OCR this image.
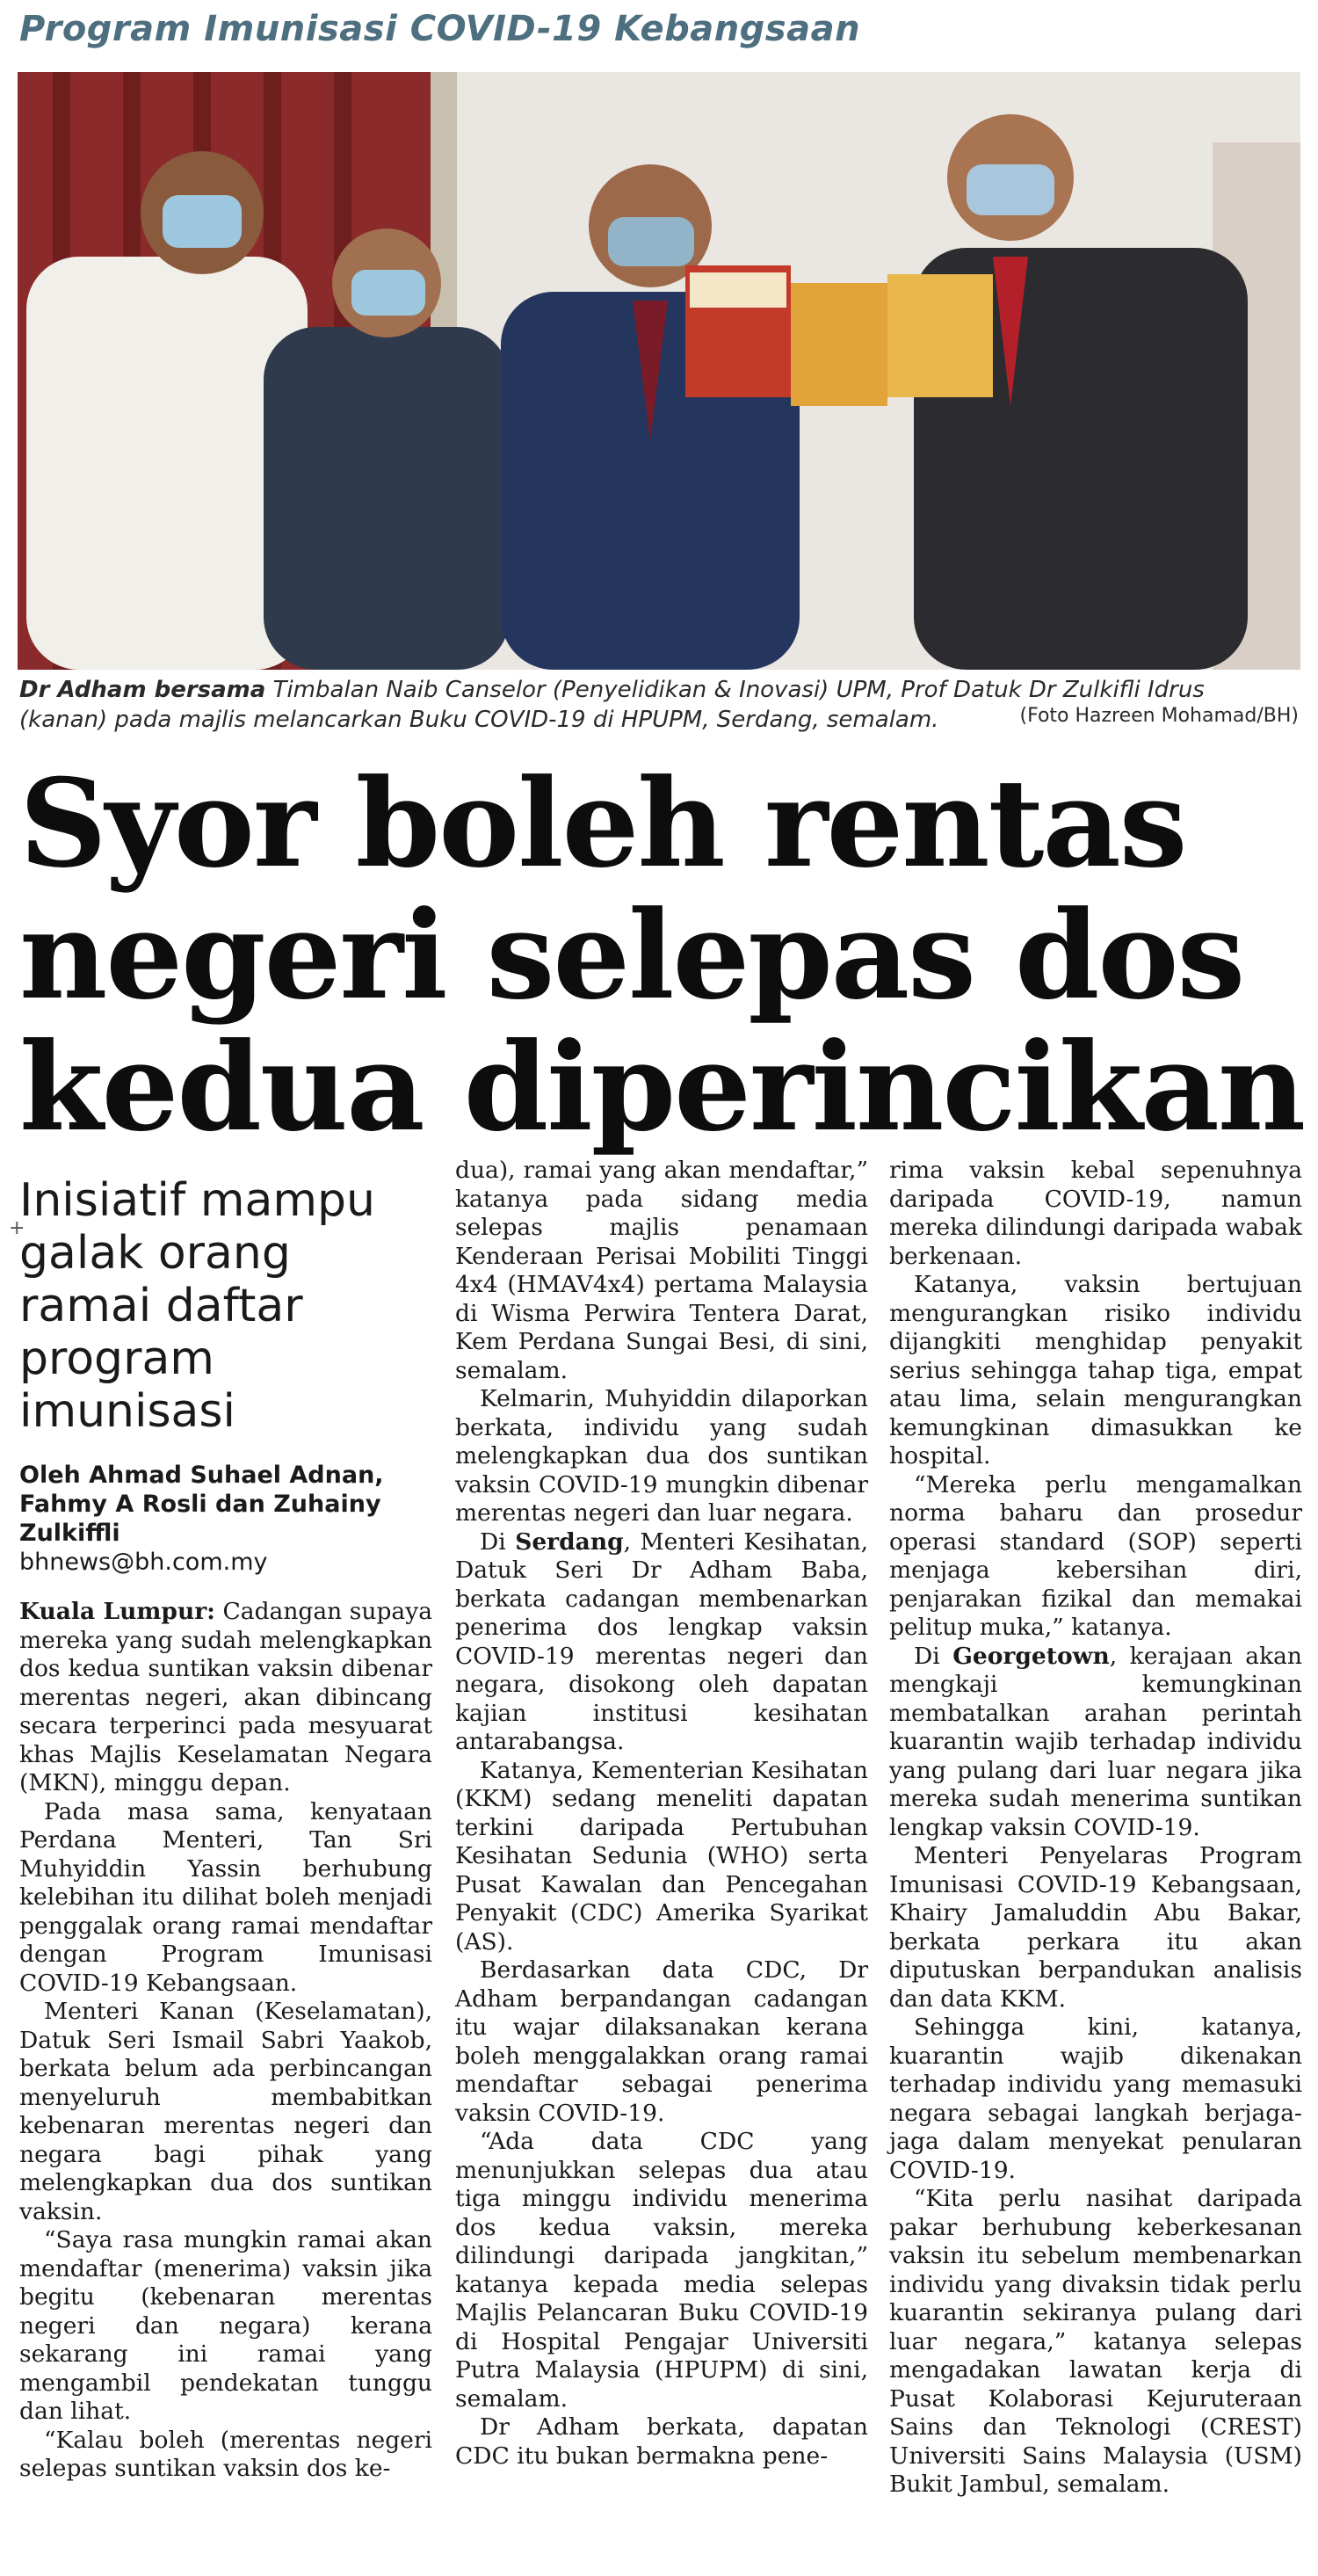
Program Imunisasi COVID-19 Kebangsaan
Dr Adham bersama Timbalan Naib Canselor (Penyelidikan & Inovasi) UPM, Prof Datuk Dr Zulkifli Idrus (kanan) pada majlis melancarkan Buku COVID-19 di HPUPM, Serdang, semalam.	(Foto Hazreen Mohamad/BH)
Syor boleh rentas
negeri selepas dos
kedua diperincikan
+
Inisiatif mampu galak orang ramai daftar program imunisasi
Oleh Ahmad Suhael Adnan, Fahmy A Rosli dan Zuhainy Zulkiffli
bhnews@bh.com.my

Kuala Lumpur: Cadangan supaya mereka yang sudah melengkapkan dos kedua suntikan vaksin dibenar merentas negeri, akan dibincang secara terperinci pada mesyuarat khas Majlis Keselamatan Negara (MKN), minggu depan.

Pada masa sama, kenyataan Perdana Menteri, Tan Sri Muhyiddin Yassin berhubung kelebihan itu dilihat boleh menjadi penggalak orang ramai mendaftar dengan Program Imunisasi COVID-19 Kebangsaan.

Menteri Kanan (Keselamatan), Datuk Seri Ismail Sabri Yaakob, berkata belum ada perbincangan menyeluruh membabitkan kebenaran merentas negeri dan negara bagi pihak yang melengkapkan dua dos suntikan vaksin.

“Saya rasa mungkin ramai akan mendaftar (menerima) vaksin jika begitu (kebenaran merentas negeri dan negara) kerana sekarang ini ramai yang mengambil pendekatan tunggu dan lihat.

“Kalau boleh (merentas negeri selepas suntikan vaksin dos ke-

dua), ramai yang akan mendaftar,” katanya pada sidang media selepas majlis penamaan Kenderaan Perisai Mobiliti Tinggi 4x4 (HMAV4x4) pertama Malaysia di Wisma Perwira Tentera Darat, Kem Perdana Sungai Besi, di sini, semalam.

Kelmarin, Muhyiddin dilaporkan berkata, individu yang sudah melengkapkan dua dos suntikan vaksin COVID-19 mungkin dibenar merentas negeri dan luar negara.

Di Serdang, Menteri Kesihatan, Datuk Seri Dr Adham Baba, berkata cadangan membenarkan penerima dos lengkap vaksin COVID-19 merentas negeri dan negara, disokong oleh dapatan kajian institusi kesihatan antarabangsa.

Katanya, Kementerian Kesihatan (KKM) sedang meneliti dapatan terkini daripada Pertubuhan Kesihatan Sedunia (WHO) serta Pusat Kawalan dan Pencegahan Penyakit (CDC) Amerika Syarikat (AS).

Berdasarkan data CDC, Dr Adham berpandangan cadangan itu wajar dilaksanakan kerana boleh menggalakkan orang ramai mendaftar sebagai penerima vaksin COVID-19.

“Ada data CDC yang menunjukkan selepas dua atau tiga minggu individu menerima dos kedua vaksin, mereka dilindungi daripada jangkitan,” katanya kepada media selepas Majlis Pelancaran Buku COVID-19 di Hospital Pengajar Universiti Putra Malaysia (HPUPM) di sini, semalam.

Dr Adham berkata, dapatan CDC itu bukan bermakna pene-

rima vaksin kebal sepenuhnya daripada COVID-19, namun mereka dilindungi daripada wabak berkenaan.

Katanya, vaksin bertujuan mengurangkan risiko individu dijangkiti menghidap penyakit serius sehingga tahap tiga, empat atau lima, selain mengurangkan kemungkinan dimasukkan ke hospital.

“Mereka perlu mengamalkan norma baharu dan prosedur operasi standard (SOP) seperti menjaga kebersihan diri, penjarakan fizikal dan memakai pelitup muka,” katanya.

Di Georgetown, kerajaan akan mengkaji kemungkinan membatalkan arahan perintah kuarantin wajib terhadap individu yang pulang dari luar negara jika mereka sudah menerima suntikan lengkap vaksin COVID-19.

Menteri Penyelaras Program Imunisasi COVID-19 Kebangsaan, Khairy Jamaluddin Abu Bakar, berkata perkara itu akan diputuskan berpandukan analisis dan data KKM.

Sehingga kini, katanya, kuarantin wajib dikenakan terhadap individu yang memasuki negara sebagai langkah berjaga-jaga dalam menyekat penularan COVID-19.

“Kita perlu nasihat daripada pakar berhubung keberkesanan vaksin itu sebelum membenarkan individu yang divaksin tidak perlu kuarantin sekiranya pulang dari luar negara,” katanya selepas mengadakan lawatan kerja di Pusat Kolaborasi Kejuruteraan Sains dan Teknologi (CREST) Universiti Sains Malaysia (USM) Bukit Jambul, semalam.
